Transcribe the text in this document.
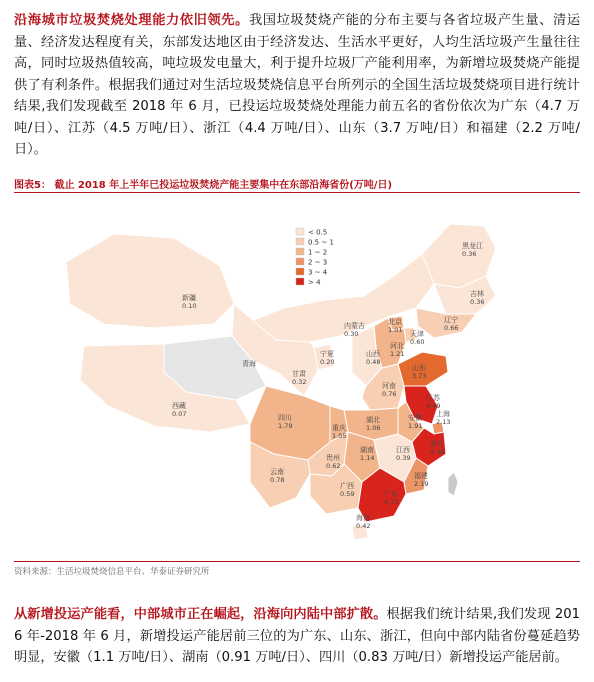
沿海城市垃圾焚烧处理能力依旧领先。我国垃圾焚烧产能的分布主要与各省垃圾产生量、清运量、经济发达程度有关，东部发达地区由于经济发达、生活水平更好，人均生活垃圾产生量往往高，同时垃圾热值较高，吨垃圾发电量大，利于提升垃圾厂产能利用率，为新增垃圾焚烧产能提供了有利条件。根据我们通过对生活垃圾焚烧信息平台所列示的全国生活垃圾焚烧项目进行统计结果,我们发现截至 2018 年 6 月，已投运垃圾焚烧处理能力前五名的省份依次为广东（4.7 万吨/日）、江苏（4.5 万吨/日）、浙江（4.4 万吨/日）、山东（3.7 万吨/日）和福建（2.2 万吨/日）。
图表5： 截止 2018 年上半年已投运垃圾焚烧产能主要集中在东部沿海省份(万吨/日)
黑龙江
0.36
吉林
0.36
辽宁
0.66
内蒙古
0.30
新疆
0.10
北京
1.01 天津
0.60
河北
1.21
山西
0.48
宁夏
0.20
甘肃
0.32
青海
西藏
0.07
山东
3.73
河南
0.76	江苏
4.49
安徽
1.91
上海
2.13
湖北
1.06
四川
1.79	重庆
1.05
浙江
4.38
湖南
1.14
江西
0.39
福建
2.19
贵州
0.62
云南
0.78
广西
0.59	广东
4.72
海南
0.42
< 0.5
0.5 ~ 1
1 ~ 2
2 ~ 3
3 ~ 4
> 4
资料来源：生活垃圾焚烧信息平台、华泰证券研究所
从新增投运产能看，中部城市正在崛起，沿海向内陆中部扩散。根据我们统计结果,我们发现 2016 年-2018 年 6 月，新增投运产能居前三位的为广东、山东、浙江，但向中部内陆省份蔓延趋势明显，安徽（1.1 万吨/日）、湖南（0.91 万吨/日）、四川（0.83 万吨/日）新增投运产能居前。
